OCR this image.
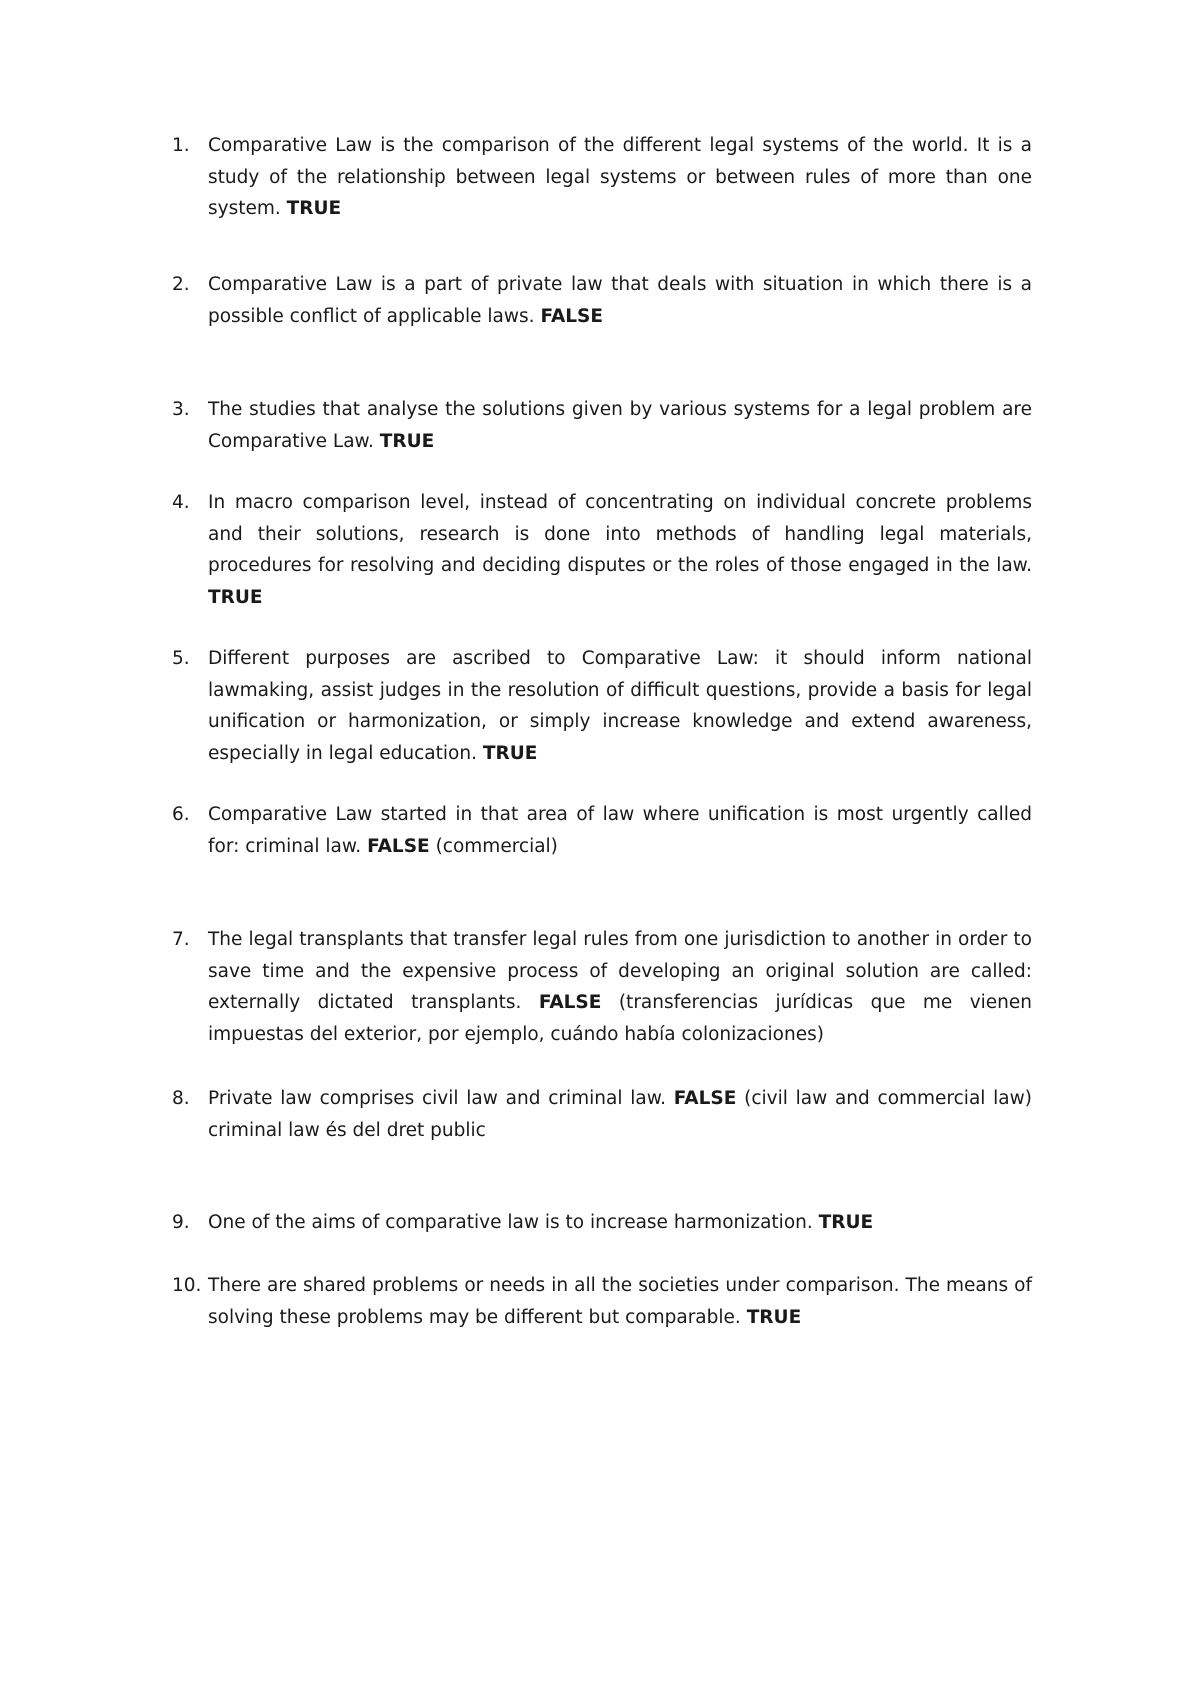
1. Comparative Law is the comparison of the different legal systems of the world. It is a study of the relationship between legal systems or between rules of more than one system. TRUE
2. Comparative Law is a part of private law that deals with situation in which there is a possible conflict of applicable laws. FALSE
3. The studies that analyse the solutions given by various systems for a legal problem are Comparative Law. TRUE
4. In macro comparison level, instead of concentrating on individual concrete problems and their solutions, research is done into methods of handling legal materials, procedures for resolving and deciding disputes or the roles of those engaged in the law. TRUE
5. Different purposes are ascribed to Comparative Law: it should inform national lawmaking, assist judges in the resolution of difficult questions, provide a basis for legal unification or harmonization, or simply increase knowledge and extend awareness, especially in legal education. TRUE
6. Comparative Law started in that area of law where unification is most urgently called for: criminal law. FALSE (commercial)
7. The legal transplants that transfer legal rules from one jurisdiction to another in order to save time and the expensive process of developing an original solution are called: externally dictated transplants. FALSE (transferencias jurídicas que me vienen impuestas del exterior, por ejemplo, cuándo había colonizaciones)
8. Private law comprises civil law and criminal law. FALSE (civil law and commercial law) criminal law és del dret public
9. One of the aims of comparative law is to increase harmonization. TRUE
10. There are shared problems or needs in all the societies under comparison. The means of solving these problems may be different but comparable. TRUE
